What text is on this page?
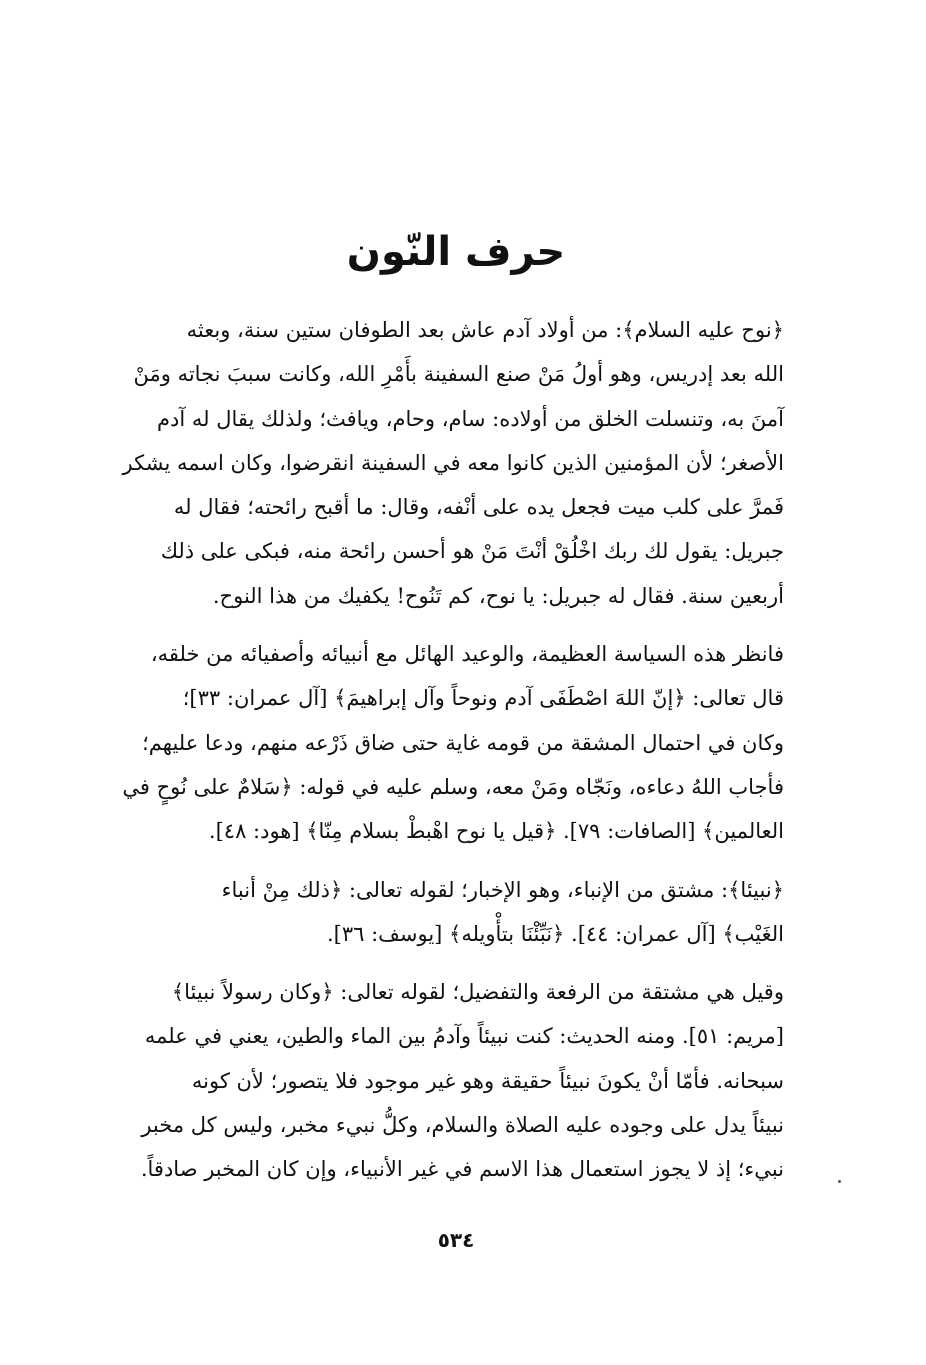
حرف النّون

﴿نوح عليه السلام﴾: من أولاد آدم عاش بعد الطوفان ستين سنة، وبعثه
الله بعد إدريس، وهو أولُ مَنْ صنع السفينة بأَمْرِ الله، وكانت سببَ نجاته ومَنْ
آمنَ به، وتنسلت الخلق من أولاده: سام، وحام، ويافث؛ ولذلك يقال له آدم
الأصغر؛ لأن المؤمنين الذين كانوا معه في السفينة انقرضوا، وكان اسمه يشكر
فَمرَّ على كلب ميت فجعل يده على أنْفه، وقال: ما أقبح رائحته؛ فقال له
جبريل: يقول لك ربك اخْلُقْ أنْتَ مَنْ هو أحسن رائحة منه، فبكى على ذلك
أربعين سنة. فقال له جبريل: يا نوح، كم تَنُوح! يكفيك من هذا النوح.

فانظر هذه السياسة العظيمة، والوعيد الهائل مع أنبيائه وأصفيائه من خلقه،
قال تعالى: ﴿إنّ اللهَ اصْطَفَى آدم ونوحاً وآل إبراهيمَ﴾ [آل عمران: ٣٣]؛
وكان في احتمال المشقة من قومه غاية حتى ضاق ذَرْعه منهم، ودعا عليهم؛
فأجاب اللهُ دعاءه، ونَجّاه ومَنْ معه، وسلم عليه في قوله: ﴿سَلامٌ على نُوحٍ في
العالمين﴾ [الصافات: ٧٩]. ﴿قيل يا نوح اهْبطْ بسلام مِنّا﴾ [هود: ٤٨].

﴿نبيئا﴾: مشتق من الإنباء، وهو الإخبار؛ لقوله تعالى: ﴿ذلك مِنْ أنباء
الغَيْب﴾ [آل عمران: ٤٤]. ﴿نَبِّئْنَا بتأْويله﴾ [يوسف: ٣٦].

وقيل هي مشتقة من الرفعة والتفضيل؛ لقوله تعالى: ﴿وكان رسولاً نبيئا﴾
[مريم: ٥١]. ومنه الحديث: كنت نبيئاً وآدمُ بين الماء والطين، يعني في علمه
سبحانه. فأمّا أنْ يكونَ نبيئاً حقيقة وهو غير موجود فلا يتصور؛ لأن كونه
نبيئاً يدل على وجوده عليه الصلاة والسلام، وكلُّ نبيء مخبر، وليس كل مخبر
نبيء؛ إذ لا يجوز استعمال هذا الاسم في غير الأنبياء، وإن كان المخبر صادقاً.

٥٣٤
